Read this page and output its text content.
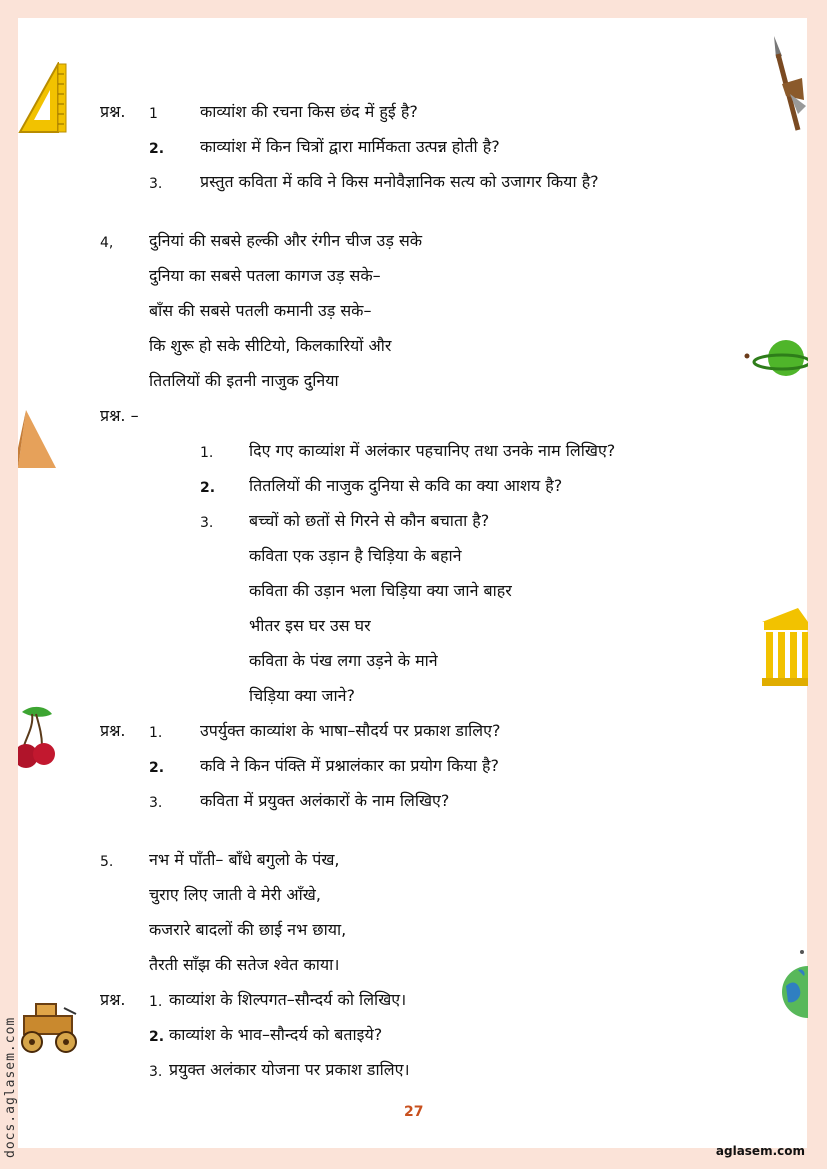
प्रश्न. 1	काव्यांश की रचना किस छंद में हुई है?
2. काव्यांश में किन चित्रों द्वारा मार्मिकता उत्पन्न होती है?
3. प्रस्तुत कविता में कवि ने किस मनोवैज्ञानिक सत्य को उजागर किया है?
4, दुनियां की सबसे हल्की और रंगीन चीज उड़ सके
दुनिया का सबसे पतला कागज उड़ सके–
बाँस की सबसे पतली कमानी उड़ सके–
कि शुरू हो सके सीटियो, किलकारियों और
तितलियों की इतनी नाजुक दुनिया
प्रश्न. –
1. दिए गए काव्यांश में अलंकार पहचानिए तथा उनके नाम लिखिए?
2. तितलियों की नाजुक दुनिया से कवि का क्या आशय है?
3. बच्चों को छतों से गिरने से कौन बचाता है?
कविता एक उड़ान है चिड़िया के बहाने
कविता की उड़ान भला चिड़िया क्या जाने बाहर
भीतर इस घर उस घर
कविता के पंख लगा उड़ने के माने
चिड़िया क्या जाने?
प्रश्न. 1. उपर्युक्त काव्यांश के भाषा–सौदर्य पर प्रकाश डालिए?
2. कवि ने किन पंक्ति में प्रश्नालंकार का प्रयोग किया है?
3. कविता में प्रयुक्त अलंकारों के नाम लिखिए?
5. नभ में पाँती– बाँधे बगुलो के पंख,
चुराए लिए जाती वे मेरी आँखे,
कजरारे बादलों की छाई नभ छाया,
तैरती साँझ की सतेज श्वेत काया।
प्रश्न. 1. काव्यांश के शिल्पगत–सौन्दर्य को लिखिए।
2. काव्यांश के भाव–सौन्दर्य को बताइये?
3. प्रयुक्त अलंकार योजना पर प्रकाश डालिए।
27
aglasem.com
docs.aglasem.com
